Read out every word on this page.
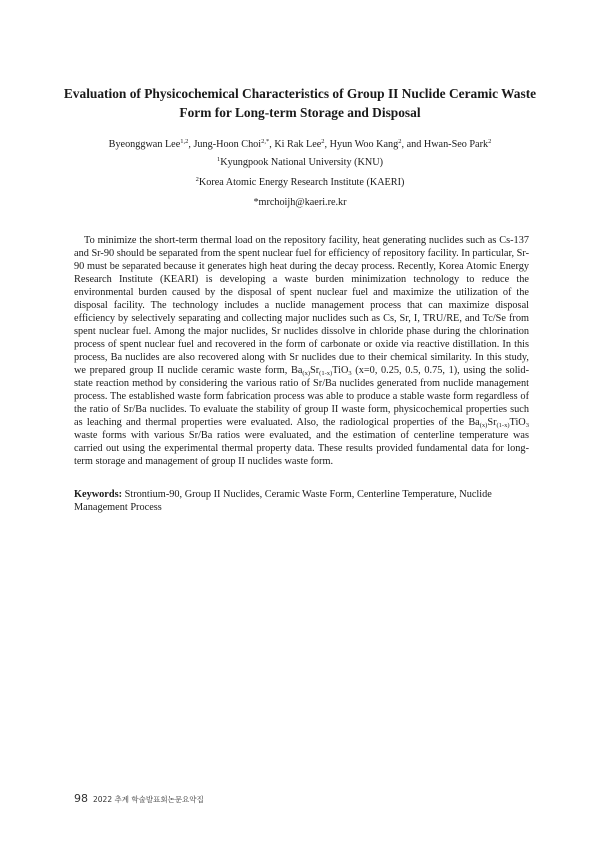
Evaluation of Physicochemical Characteristics of Group II Nuclide Ceramic Waste
Form for Long-term Storage and Disposal
Byeonggwan Lee$^{1,2}$, Jung-Hoon Choi$^{2,*}$, Ki Rak Lee$^2$, Hyun Woo Kang$^2$, and Hwan-Seo Park$^2$
$^1$Kyungpook National University (KNU)
$^2$Korea Atomic Energy Research Institute (KAERI)
*mrchoijh@kaeri.re.kr

To minimize the short-term thermal load on the repository facility, heat generating nuclides such as Cs-137 and Sr-90 should be separated from the spent nuclear fuel for efficiency of repository facility. In particular, Sr-90 must be separated because it generates high heat during the decay process. Recently, Korea Atomic Energy Research Institute (KEARI) is developing a waste burden minimization technology to reduce the environmental burden caused by the disposal of spent nuclear fuel and maximize the utilization of the disposal facility. The technology includes a nuclide management process that can maximize disposal efficiency by selectively separating and collecting major nuclides such as Cs, Sr, I, TRU/RE, and Tc/Se from spent nuclear fuel. Among the major nuclides, Sr nuclides dissolve in chloride phase during the chlorination process of spent nuclear fuel and recovered in the form of carbonate or oxide via reactive distillation. In this process, Ba nuclides are also recovered along with Sr nuclides due to their chemical similarity. In this study, we prepared group II nuclide ceramic waste form, $Ba_{(x)}Sr_{(1-x)}TiO_3$ (x=0, 0.25, 0.5, 0.75, 1), using the solid-state reaction method by considering the various ratio of Sr/Ba nuclides generated from nuclide management process. The established waste form fabrication process was able to produce a stable waste form regardless of the ratio of Sr/Ba nuclides. To evaluate the stability of group II waste form, physicochemical properties such as leaching and thermal properties were evaluated. Also, the radiological properties of the $Ba_{(x)}Sr_{(1-x)}TiO_3$ waste forms with various Sr/Ba ratios were evaluated, and the estimation of centerline temperature was carried out using the experimental thermal property data. These results provided fundamental data for long-term storage and management of group II nuclides waste form.

Keywords: Strontium-90, Group II Nuclides, Ceramic Waste Form, Centerline Temperature, Nuclide Management Process

98 2022 추계 학술발표회논문요약집
